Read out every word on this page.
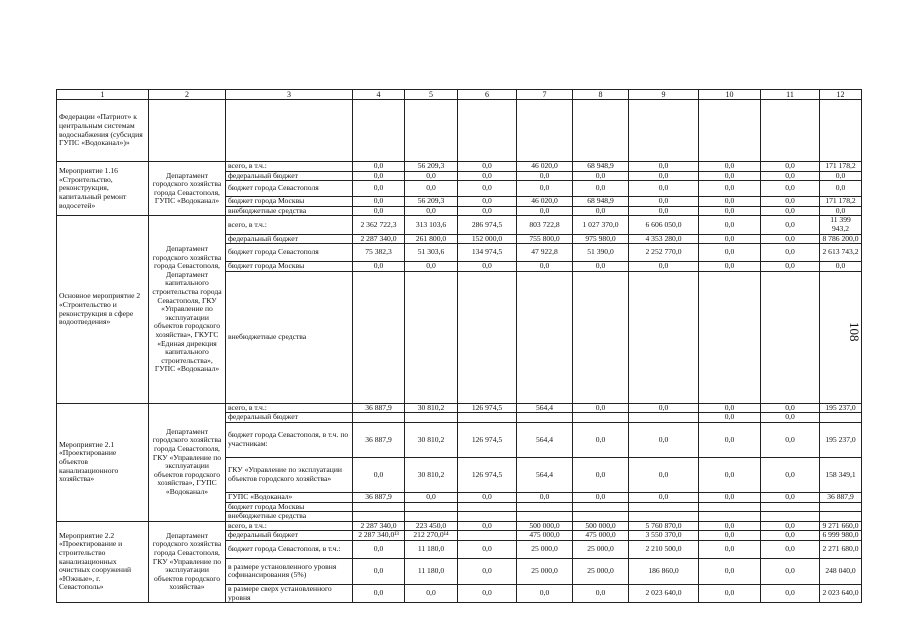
1	2	3	4	5	6	7	8	9	10	11	12
Федерации «Патриот» к центральным системам водоснабжения (субсидия ГУПС «Водоканал»)»											
Мероприятие 1.16 «Строительство, реконструкция, капитальный ремонт водосетей»	Департамент городского хозяйства города Севастополя, ГУПС «Водоканал»	всего, в т.ч.:	0,0	56 209,3	0,0	46 020,0	68 948,9	0,0	0,0	0,0	171 178,2
		федеральный бюджет	0,0	0,0	0,0	0,0	0,0	0,0	0,0	0,0	0,0
		бюджет города Севастополя	0,0	0,0	0,0	0,0	0,0	0,0	0,0	0,0	0,0
		бюджет города Москвы	0,0	56 209,3	0,0	46 020,0	68 948,9	0,0	0,0	0,0	171 178,2
		внебюджетные средства	0,0	0,0	0,0	0,0	0,0	0,0	0,0	0,0	0,0
Основное мероприятие 2 «Строительство и реконструкция в сфере водоотведения»	Департамент городского хозяйства города Севастополя, Департамент капитального строительства города Севастополя, ГКУ «Управление по эксплуатации объектов городского хозяйства», ГКУГС «Единая дирекция капитального строительства», ГУПС «Водоканал»	всего, в т.ч.:	2 362 722,3	313 103,6	286 974,5	803 722,8	1 027 370,0	6 606 050,0	0,0	0,0	11 399 943,2
		федеральный бюджет	2 287 340,0	261 800,0	152 000,0	755 800,0	975 980,0	4 353 280,0	0,0	0,0	8 786 200,0
		бюджет города Севастополя	75 382,3	51 303,6	134 974,5	47 922,8	51 390,0	2 252 770,0	0,0	0,0	2 613 743,2
		бюджет города Москвы	0,0	0,0	0,0	0,0	0,0	0,0	0,0	0,0	0,0
		внебюджетные средства									
Мероприятие 2.1 «Проектирование объектов канализационного хозяйства»	Департамент городского хозяйства города Севастополя, ГКУ «Управление по эксплуатации объектов городского хозяйства», ГУПС «Водоканал»	всего, в т.ч.:	36 887,9	30 810,2	126 974,5	564,4	0,0	0,0	0,0	0,0	195 237,0
		федеральный бюджет							0,0	0,0	
		бюджет города Севастополя, в т.ч. по участникам:	36 887,9	30 810,2	126 974,5	564,4	0,0	0,0	0,0	0,0	195 237,0
		ГКУ «Управление по эксплуатации объектов городского хозяйства»	0,0	30 810,2	126 974,5	564,4	0,0	0,0	0,0	0,0	158 349,1
		ГУПС «Водоканал»	36 887,9	0,0	0,0	0,0	0,0	0,0	0,0	0,0	36 887,9
		бюджет города Москвы									
		внебюджетные средства									
Мероприятие 2.2 «Проектирование и строительство канализационных очистных сооружений «Южные», г. Севастополь»	Департамент городского хозяйства города Севастополя, ГКУ «Управление по эксплуатации объектов городского хозяйства»	всего, в т.ч.:	2 287 340,0	223 450,0	0,0	500 000,0	500 000,0	5 760 870,0	0,0	0,0	9 271 660,0
		федеральный бюджет	2 287 340,0¹³	212 270,0¹⁴		475 000,0	475 000,0	3 550 370,0	0,0	0,0	6 999 980,0
		бюджет города Севастополя, в т.ч.:	0,0	11 180,0	0,0	25 000,0	25 000,0	2 210 500,0	0,0	0,0	2 271 680,0
		в размере установленного уровня софинансирования (5%)	0,0	11 180,0	0,0	25 000,0	25 000,0	186 860,0	0,0	0,0	248 040,0
		в размере сверх установленного уровня	0,0	0,0	0,0	0,0	0,0	2 023 640,0	0,0	0,0	2 023 640,0
108
